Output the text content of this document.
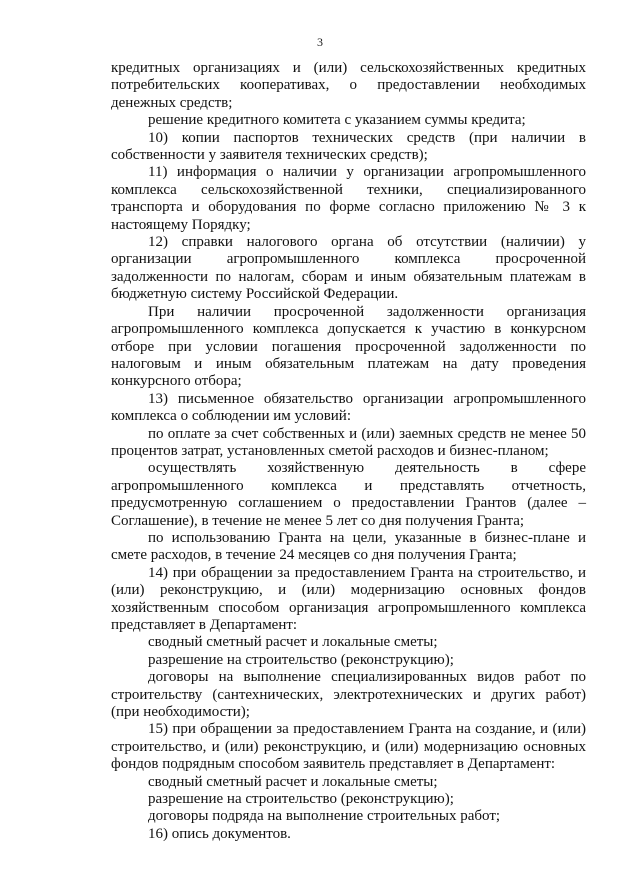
3

кредитных организациях и (или) сельскохозяйственных кредитных потребительских кооперативах, о предоставлении необходимых денежных средств;

решение кредитного комитета с указанием суммы кредита;

10) копии паспортов технических средств (при наличии в собственности у заявителя технических средств);

11) информация о наличии у организации агропромышленного комплекса сельскохозяйственной техники, специализированного транспорта и оборудования по форме согласно приложению № 3 к настоящему Порядку;

12) справки налогового органа об отсутствии (наличии) у организации агропромышленного комплекса просроченной задолженности по налогам, сборам и иным обязательным платежам в бюджетную систему Российской Федерации.

При наличии просроченной задолженности организация агропромышленного комплекса допускается к участию в конкурсном отборе при условии погашения просроченной задолженности по налоговым и иным обязательным платежам на дату проведения конкурсного отбора;

13) письменное обязательство организации агропромышленного комплекса о соблюдении им условий:

по оплате за счет собственных и (или) заемных средств не менее 50 процентов затрат, установленных сметой расходов и бизнес-планом;

осуществлять хозяйственную деятельность в сфере агропромышленного комплекса и представлять отчетность, предусмотренную соглашением о предоставлении Грантов (далее – Соглашение), в течение не менее 5 лет со дня получения Гранта;

по использованию Гранта на цели, указанные в бизнес-плане и смете расходов, в течение 24 месяцев со дня получения Гранта;

14) при обращении за предоставлением Гранта на строительство, и (или) реконструкцию, и (или) модернизацию основных фондов хозяйственным способом организация агропромышленного комплекса представляет в Департамент:

сводный сметный расчет и локальные сметы;

разрешение на строительство (реконструкцию);

договоры на выполнение специализированных видов работ по строительству (сантехнических, электротехнических и других работ) (при необходимости);

15) при обращении за предоставлением Гранта на создание, и (или) строительство, и (или) реконструкцию, и (или) модернизацию основных фондов подрядным способом заявитель представляет в Департамент:

сводный сметный расчет и локальные сметы;

разрешение на строительство (реконструкцию);

договоры подряда на выполнение строительных работ;

16) опись документов.
